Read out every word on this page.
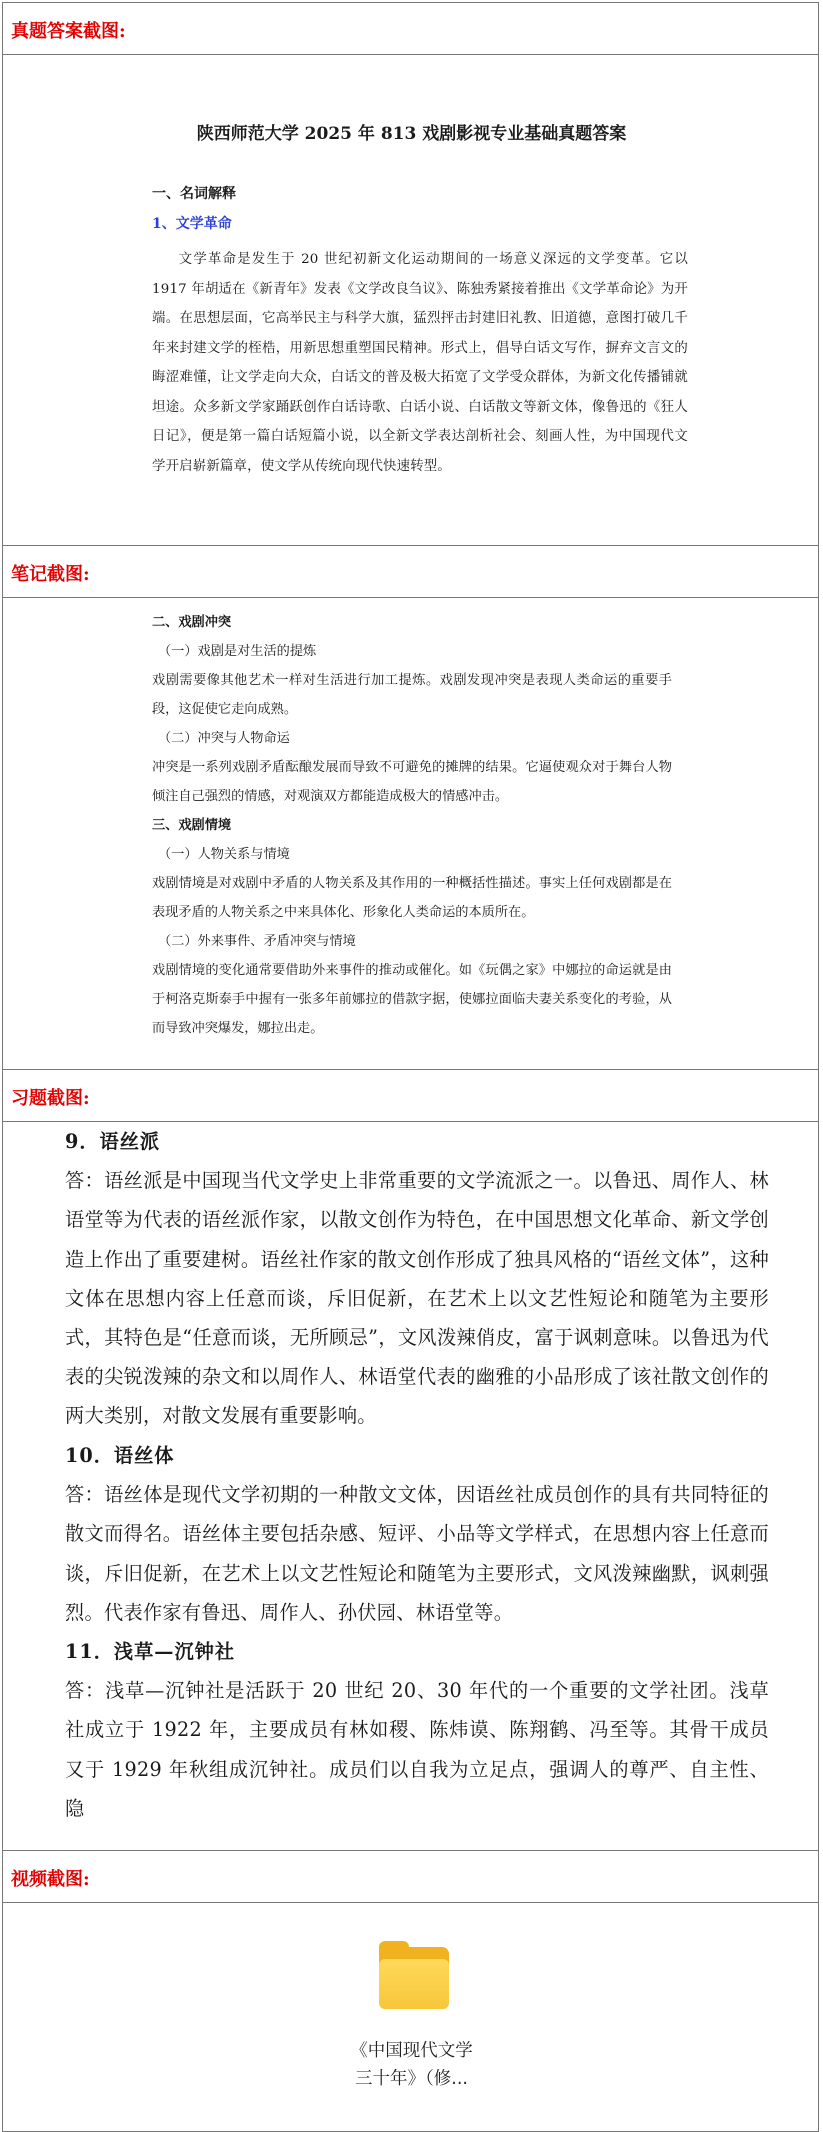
真题答案截图:
陕西师范大学 2025 年 813 戏剧影视专业基础真题答案
一、名词解释
1、文学革命
文学革命是发生于 20 世纪初新文化运动期间的一场意义深远的文学变革。它以 1917 年胡适在《新青年》发表《文学改良刍议》、陈独秀紧接着推出《文学革命论》为开端。在思想层面，它高举民主与科学大旗，猛烈抨击封建旧礼教、旧道德，意图打破几千年来封建文学的桎梏，用新思想重塑国民精神。形式上，倡导白话文写作，摒弃文言文的晦涩难懂，让文学走向大众，白话文的普及极大拓宽了文学受众群体，为新文化传播铺就坦途。众多新文学家踊跃创作白话诗歌、白话小说、白话散文等新文体，像鲁迅的《狂人日记》，便是第一篇白话短篇小说，以全新文学表达剖析社会、刻画人性，为中国现代文学开启崭新篇章，使文学从传统向现代快速转型。
笔记截图:
二、戏剧冲突
（一）戏剧是对生活的提炼
戏剧需要像其他艺术一样对生活进行加工提炼。戏剧发现冲突是表现人类命运的重要手段，这促使它走向成熟。
（二）冲突与人物命运
冲突是一系列戏剧矛盾酝酿发展而导致不可避免的摊牌的结果。它逼使观众对于舞台人物倾注自己强烈的情感，对观演双方都能造成极大的情感冲击。
三、戏剧情境
（一）人物关系与情境
戏剧情境是对戏剧中矛盾的人物关系及其作用的一种概括性描述。事实上任何戏剧都是在表现矛盾的人物关系之中来具体化、形象化人类命运的本质所在。
（二）外来事件、矛盾冲突与情境
戏剧情境的变化通常要借助外来事件的推动或催化。如《玩偶之家》中娜拉的命运就是由于柯洛克斯泰手中握有一张多年前娜拉的借款字据，使娜拉面临夫妻关系变化的考验，从而导致冲突爆发，娜拉出走。
习题截图:
9．语丝派
答：语丝派是中国现当代文学史上非常重要的文学流派之一。以鲁迅、周作人、林语堂等为代表的语丝派作家，以散文创作为特色，在中国思想文化革命、新文学创造上作出了重要建树。语丝社作家的散文创作形成了独具风格的“语丝文体”，这种文体在思想内容上任意而谈，斥旧促新，在艺术上以文艺性短论和随笔为主要形式，其特色是“任意而谈，无所顾忌”，文风泼辣俏皮，富于讽刺意味。以鲁迅为代表的尖锐泼辣的杂文和以周作人、林语堂代表的幽雅的小品形成了该社散文创作的两大类别，对散文发展有重要影响。
10．语丝体
答：语丝体是现代文学初期的一种散文文体，因语丝社成员创作的具有共同特征的散文而得名。语丝体主要包括杂感、短评、小品等文学样式，在思想内容上任意而谈，斥旧促新，在艺术上以文艺性短论和随笔为主要形式，文风泼辣幽默，讽刺强烈。代表作家有鲁迅、周作人、孙伏园、林语堂等。
11．浅草—沉钟社
答：浅草—沉钟社是活跃于 20 世纪 20、30 年代的一个重要的文学社团。浅草社成立于 1922 年，主要成员有林如稷、陈炜谟、陈翔鹤、冯至等。其骨干成员又于 1929 年秋组成沉钟社。成员们以自我为立足点，强调人的尊严、自主性、隐
视频截图:
《中国现代文学
三十年》（修...
